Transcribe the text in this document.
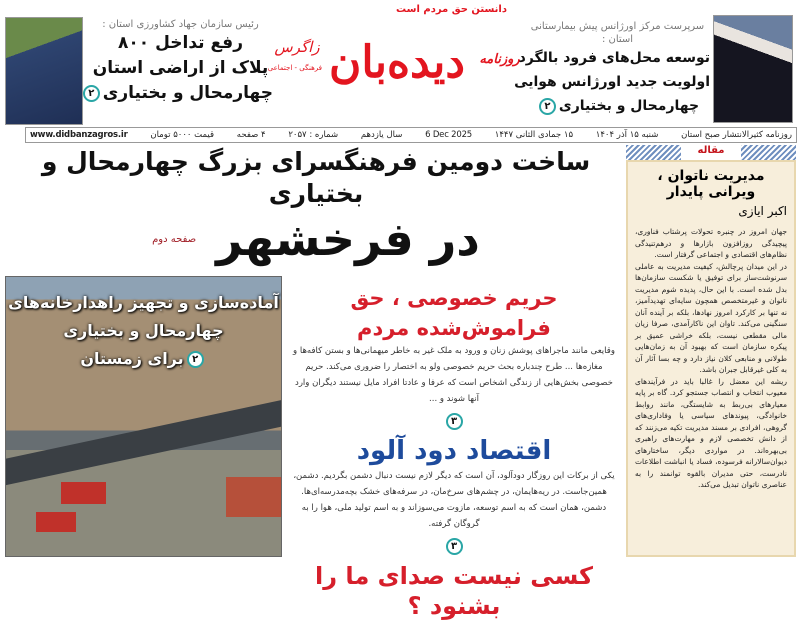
رئیس سازمان جهاد کشاورزی استان :
رفع تداخل ۸۰۰
پلاک از اراضی استان
چهارمحال و بختیاری۲
دانستن حق مردم است
دیده‌بان	روزنامه
زاگرس
فرهنگی - اجتماعی
سرپرست مرکز اورژانس پیش بیمارستانی استان :
توسعه محل‌های فرود بالگرد
اولویت جدید اورژانس هوایی
چهارمحال و بختیاری۲
روزنامه کثیرالانتشار صبح استان
شنبه ۱۵ آذر ۱۴۰۴
۱۵ جمادی الثانی ۱۴۴۷
6 Dec 2025
سال یازدهم
شماره : ۲۰۵۷
۴ صفحه
قیمت ۵۰۰۰ تومان
www.didbanzagros.ir
مقاله
مدیریت ناتوان ، ویرانی پایدار
اکبر ایازی

جهان امروز در چنبره تحولات پرشتاب فناوری، پیچیدگی روزافزون بازارها و درهم‌تنیدگی نظام‌های اقتصادی و اجتماعی گرفتار است.

در این میدان پرچالش، کیفیت مدیریت به عاملی سرنوشت‌ساز برای توفیق یا شکست سازمان‌ها بدل شده است. با این حال، پدیده شوم مدیریت ناتوان و غیرمتخصص همچون سایه‌ای تهدیدآمیز، نه تنها بر کارکرد امروز نهادها، بلکه بر آینده آنان سنگینی می‌کند. تاوان این ناکارآمدی، صرفا زیان مالی مقطعی نیست، بلکه خراشی عمیق بر پیکره سازمان است که بهبود آن به زمان‌هایی طولانی و منابعی کلان نیاز دارد و چه بسا آثار آن به کلی غیرقابل جبران باشد.

ریشه این معضل را غالبا باید در فرآیندهای معیوب انتخاب و انتصاب جستجو کرد. گاه بر پایه معیارهای بی‌ربط به شایستگی، مانند روابط خانوادگی، پیوندهای سیاسی یا وفاداری‌های گروهی، افرادی بر مسند مدیریت تکیه می‌زنند که از دانش تخصصی لازم و مهارت‌های راهبری بی‌بهره‌اند. در مواردی دیگر، ساختارهای دیوان‌سالارانه فرسوده، فساد یا انباشت اطلاعات نادرست، حتی مدیران بالقوه توانمند را به عناصری ناتوان تبدیل می‌کند.

ساخت دومین فرهنگسرای بزرگ چهارمحال و بختیاری
در فرخشهر
صفحه دوم
آماده‌سازی و تجهیز راهدارخانه‌های
چهارمحال و بختیاری
۲برای زمستان
حریم خصوصی ، حق فراموش‌شده مردم
وقایعی مانند ماجراهای پوشش زنان و ورود به ملک غیر به خاطر میهمانی‌ها و بستن کافه‌ها و مغازه‌ها ... طرح چندباره بحث حریم خصوصی ولو به اختصار را ضروری می‌کند. حریم خصوصی بخش‌هایی از زندگی اشخاص است که عرفا و عادتا افراد مایل نیستند دیگران وارد آنها شوند و ...
۳
اقتصاد دود آلود
یکی از برکات این روزگار دودآلود، آن است که دیگر لازم نیست دنبال دشمن بگردیم. دشمن، همین‌جاست. در ریه‌هایمان، در چشم‌های سرخ‌مان، در سرفه‌های خشک بچه‌مدرسه‌ای‌ها. دشمن، همان است که به اسم توسعه، مازوت می‌سوزاند و به اسم تولید ملی، هوا را به گروگان گرفته.
۳
کسی نیست صدای ما را بشنود ؟
